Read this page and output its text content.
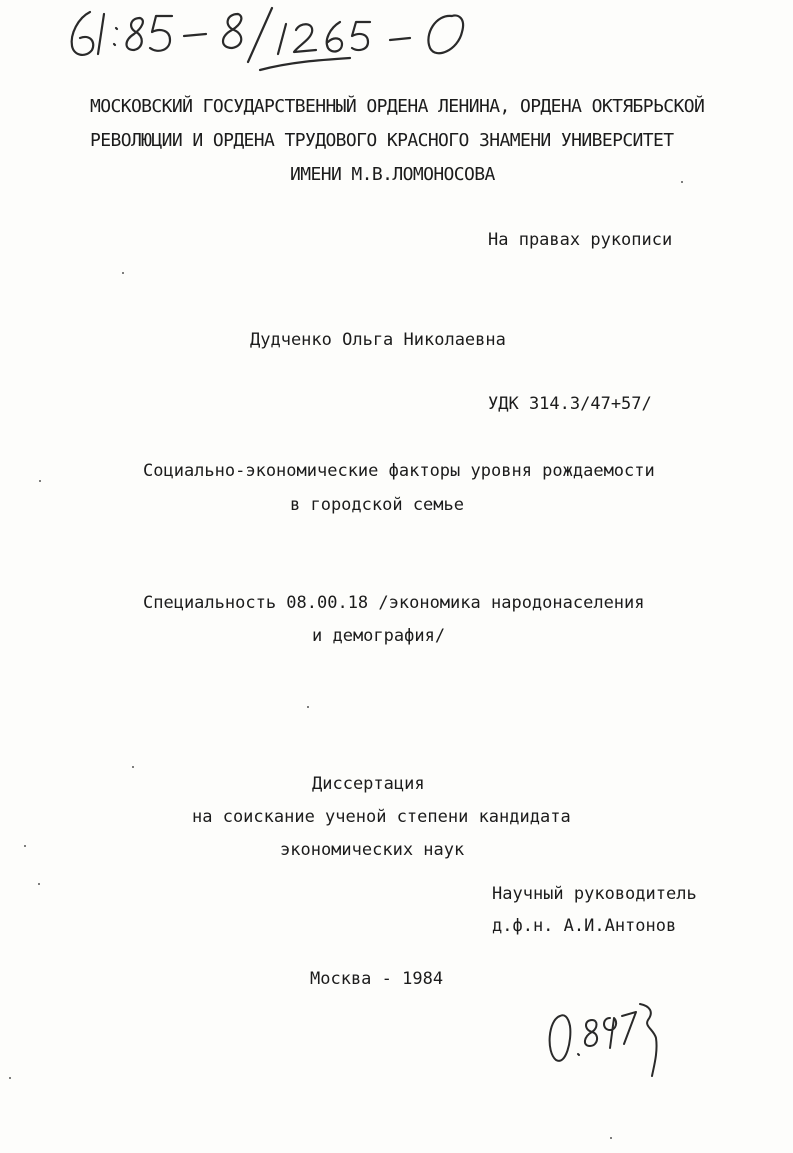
МОСКОВСКИЙ ГОСУДАРСТВЕННЫЙ ОРДЕНА ЛЕНИНА, ОРДЕНА ОКТЯБРЬСКОЙ
РЕВОЛЮЦИИ И ОРДЕНА ТРУДОВОГО КРАСНОГО ЗНАМЕНИ УНИВЕРСИТЕТ
ИМЕНИ М.В.ЛОМОНОСОВА
На правах рукописи
Дудченко Ольга Николаевна
УДК 314.3/47+57/
Социально-экономические факторы уровня рождаемости
в городской семье
Специальность 08.00.18 /экономика народонаселения
и демография/
Диссертация
на соискание ученой степени кандидата
экономических наук
Научный руководитель
д.ф.н. А.И.Антонов
Москва - 1984
